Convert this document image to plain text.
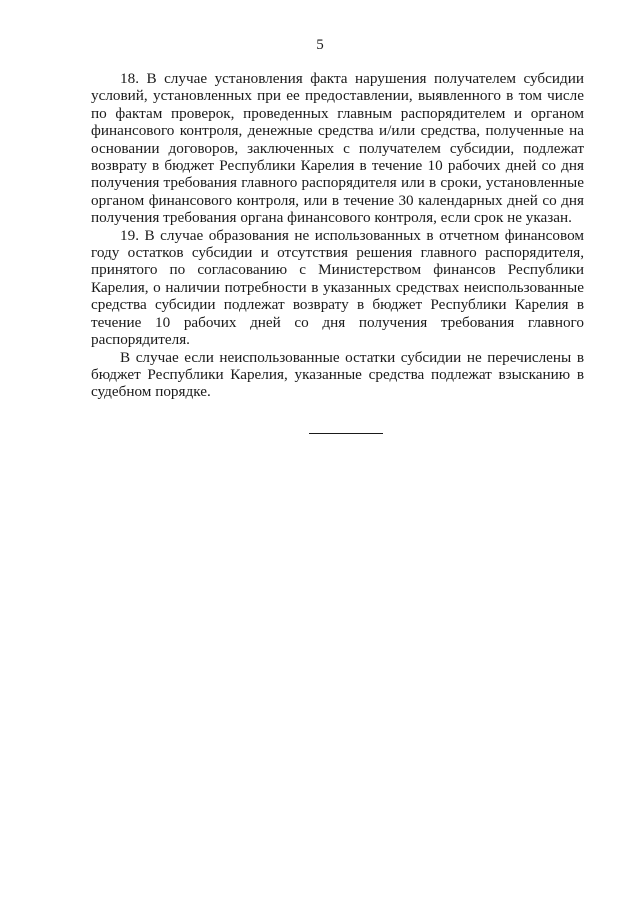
5

18. В случае установления факта нарушения получателем субсидии условий, установленных при ее предоставлении, выявленного в том числе по фактам проверок, проведенных главным распорядителем и органом финансового контроля, денежные средства и/или средства, полученные на основании договоров, заключенных с получателем субсидии, подлежат возврату в бюджет Республики Карелия в течение 10 рабочих дней со дня получения требования главного распорядителя или в сроки, установленные органом финансового контроля, или в течение 30 календарных дней со дня получения требования органа финансового контроля, если срок не указан.

19. В случае образования не использованных в отчетном финансовом году остатков субсидии и отсутствия решения главного распорядителя, принятого по согласованию с Министерством финансов Республики Карелия, о наличии потребности в указанных средствах неиспользованные средства субсидии подлежат возврату в бюджет Республики Карелия в течение 10 рабочих дней со дня получения требования главного распорядителя.

В случае если неиспользованные остатки субсидии не перечислены в бюджет Республики Карелия, указанные средства подлежат взысканию в судебном порядке.
